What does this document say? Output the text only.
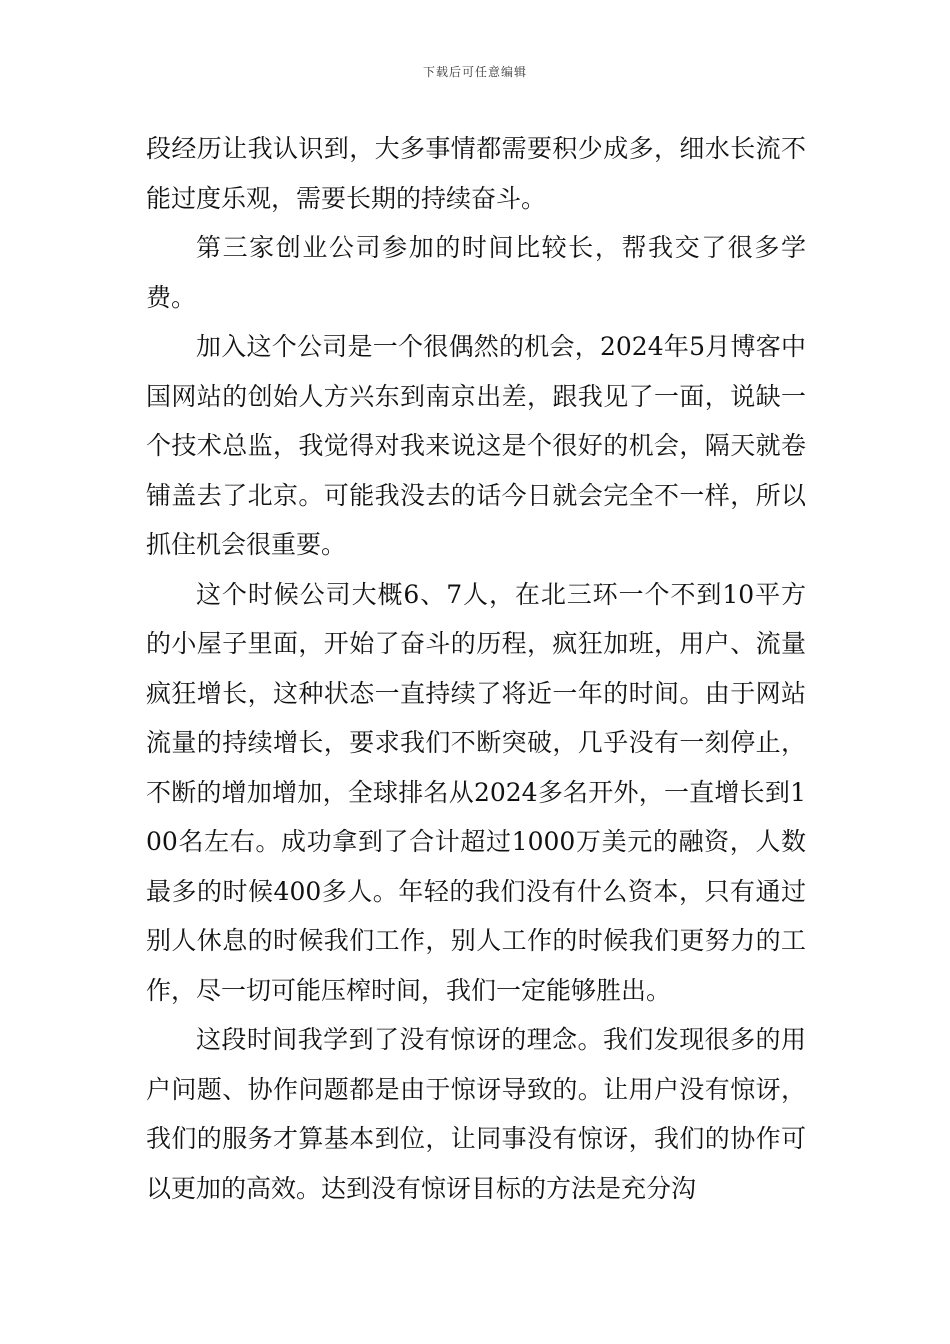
下载后可任意编辑

段经历让我认识到，大多事情都需要积少成多，细水长流不能过度乐观，需要长期的持续奋斗。

第三家创业公司参加的时间比较长，帮我交了很多学费。

加入这个公司是一个很偶然的机会，2024年5月博客中国网站的创始人方兴东到南京出差，跟我见了一面，说缺一个技术总监，我觉得对我来说这是个很好的机会，隔天就卷铺盖去了北京。可能我没去的话今日就会完全不一样，所以抓住机会很重要。

这个时候公司大概6、7人，在北三环一个不到10平方的小屋子里面，开始了奋斗的历程，疯狂加班，用户、流量疯狂增长，这种状态一直持续了将近一年的时间。由于网站流量的持续增长，要求我们不断突破，几乎没有一刻停止，不断的增加增加，全球排名从2024多名开外，一直增长到100名左右。成功拿到了合计超过1000万美元的融资，人数最多的时候400多人。年轻的我们没有什么资本，只有通过别人休息的时候我们工作，别人工作的时候我们更努力的工作，尽一切可能压榨时间，我们一定能够胜出。

这段时间我学到了没有惊讶的理念。我们发现很多的用户问题、协作问题都是由于惊讶导致的。让用户没有惊讶，我们的服务才算基本到位，让同事没有惊讶，我们的协作可以更加的高效。达到没有惊讶目标的方法是充分沟
